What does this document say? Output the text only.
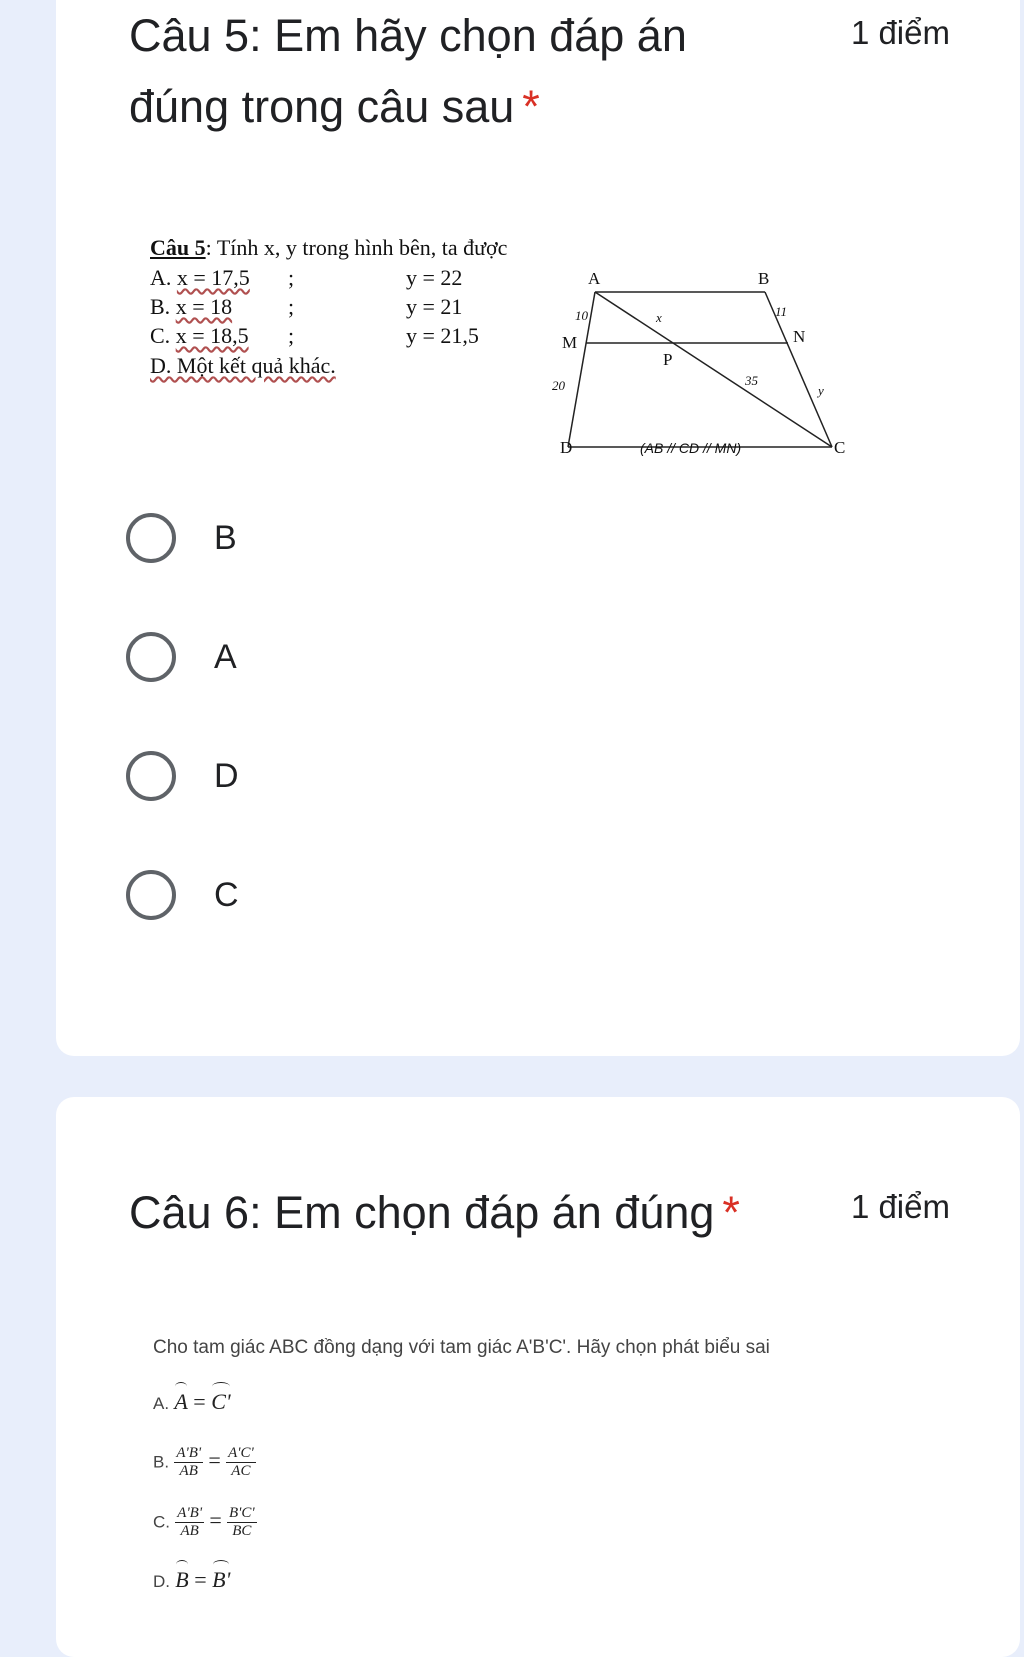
Câu 5: Em hãy chọn đáp án
đúng trong câu sau *
1 điểm
Câu 5: Tính x, y trong hình bên, ta được
A. x = 17,5 ;	y = 22
B. x = 18	;	y = 21
C. x = 18,5 ;	y = 21,5
D. Một kết quả khác.
A	B
M	N
P
D	C
10	x	11
35
y
20
(AB // CD // MN)
B
A
D
C
Câu 6: Em chọn đáp án đúng *	1 điểm
Cho tam giác ABC đồng dạng với tam giác A'B'C'. Hãy chọn phát biểu sai
A. A = C'
B. $\frac{A'B'}{AB} = \frac{A'C'}{AC}$
C. $\frac{A'B'}{AB} = \frac{B'C'}{BC}$
D. B = B'
